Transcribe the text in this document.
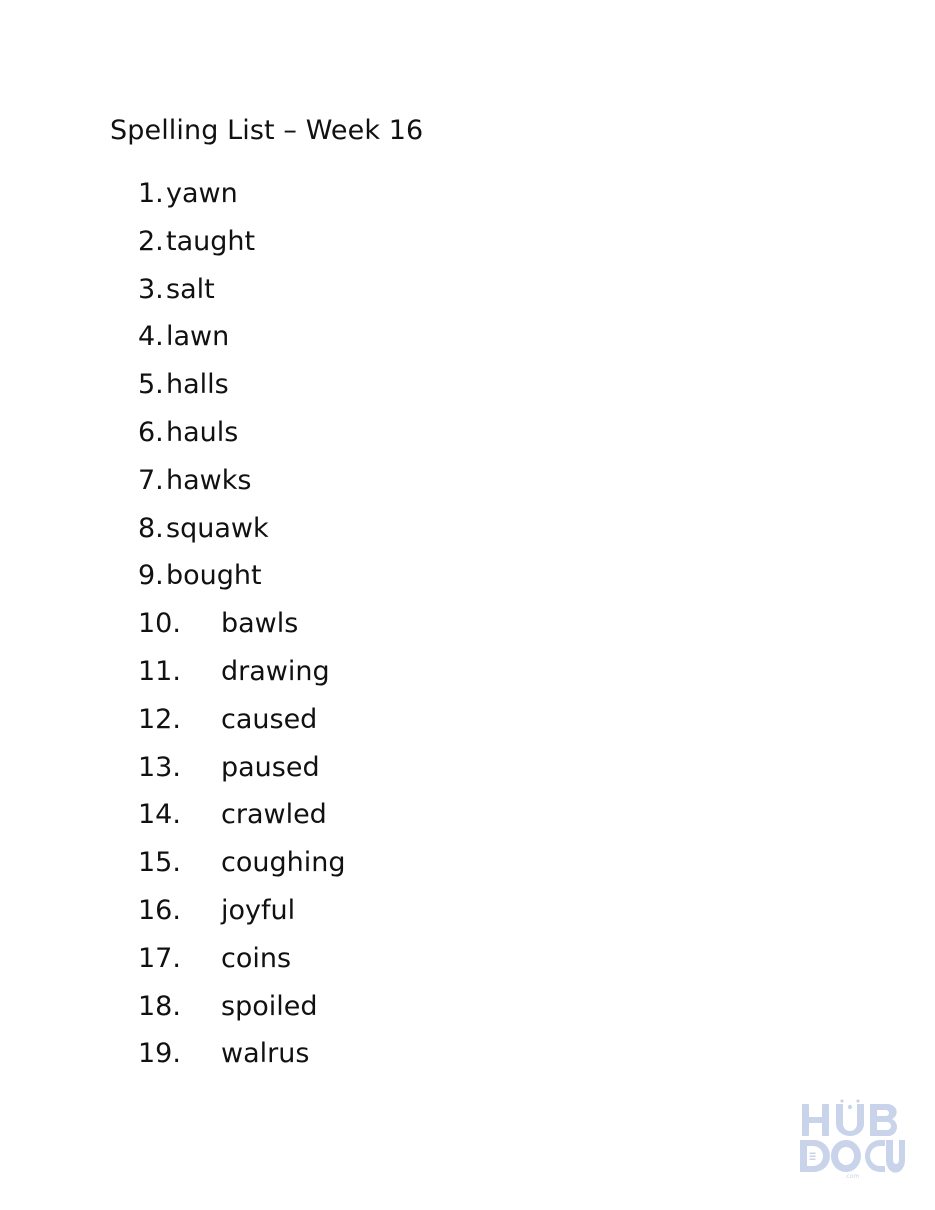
Spelling List – Week 16
1. yawn
2. taught
3. salt
4. lawn
5. halls
6. hauls
7. hawks
8. squawk
9. bought
10. bawls
11. drawing
12. caused
13. paused
14. crawled
15. coughing
16. joyful
17. coins
18. spoiled
19. walrus
.com
